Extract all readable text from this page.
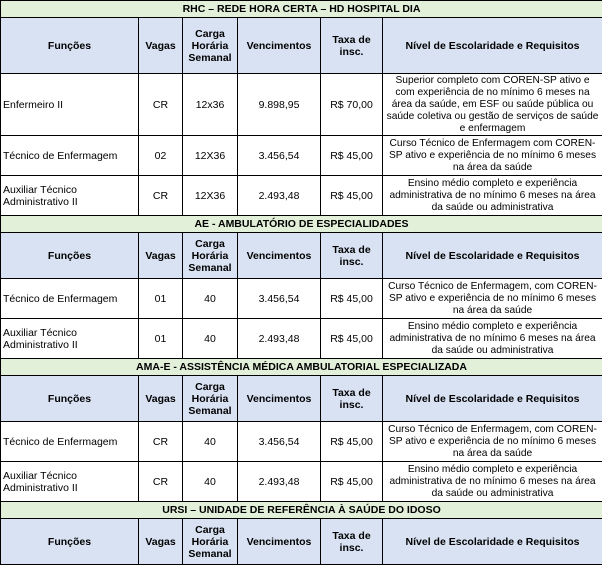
RHC – REDE HORA CERTA – HD HOSPITAL DIA					
Funções	Vagas	Carga Horária Semanal	Vencimentos	Taxa de insc.	Nível de Escolaridade e Requisitos
Enfermeiro II	CR	12x36	9.898,95	R$ 70,00	Superior completo com COREN-SP ativo e com experiência de no mínimo 6 meses na área da saúde, em ESF ou saúde pública ou saúde coletiva ou gestão de serviços de saúde e enfermagem
Técnico de Enfermagem	02	12X36	3.456,54	R$ 45,00	Curso Técnico de Enfermagem com COREN-SP ativo e experiência de no mínimo 6 meses na área da saúde
Auxiliar Técnico Administrativo II	CR	12X36	2.493,48	R$ 45,00	Ensino médio completo e experiência administrativa de no mínimo 6 meses na área da saúde ou administrativa
AE - AMBULATÓRIO DE ESPECIALIDADES					
Funções	Vagas	Carga Horária Semanal	Vencimentos	Taxa de insc.	Nível de Escolaridade e Requisitos
Técnico de Enfermagem	01	40	3.456,54	R$ 45,00	Curso Técnico de Enfermagem, com COREN-SP ativo e experiência de no mínimo 6 meses na área da saúde
Auxiliar Técnico Administrativo II	01	40	2.493,48	R$ 45,00	Ensino médio completo e experiência administrativa de no mínimo 6 meses na área da saúde ou administrativa
AMA-E - ASSISTÊNCIA MÉDICA AMBULATORIAL ESPECIALIZADA					
Funções	Vagas	Carga Horária Semanal	Vencimentos	Taxa de insc.	Nível de Escolaridade e Requisitos
Técnico de Enfermagem	CR	40	3.456,54	R$ 45,00	Curso Técnico de Enfermagem, com COREN-SP ativo e experiência de no mínimo 6 meses na área da saúde
Auxiliar Técnico Administrativo II	CR	40	2.493,48	R$ 45,00	Ensino médio completo e experiência administrativa de no mínimo 6 meses na área da saúde ou administrativa
URSI – UNIDADE DE REFERÊNCIA À SAÚDE DO IDOSO					
Funções	Vagas	Carga Horária Semanal	Vencimentos	Taxa de insc.	Nível de Escolaridade e Requisitos
